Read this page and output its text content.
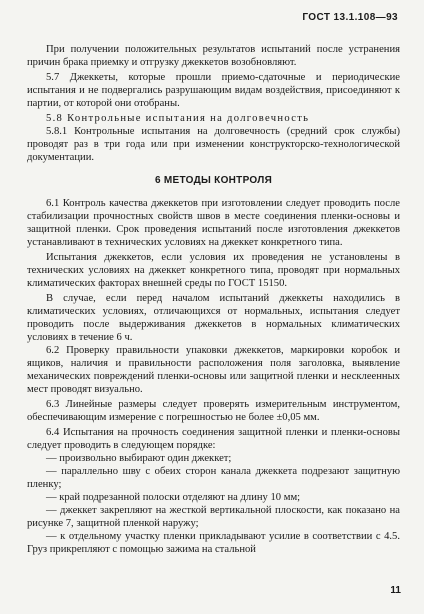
ГОСТ 13.1.108—93

При получении положительных результатов испытаний после устранения причин брака приемку и отгрузку джеккетов возобновляют.

5.7 Джеккеты, которые прошли приемо-сдаточные и периодические испытания и не подвергались разрушающим видам воздействия, присоединяют к партии, от которой они отобраны.

5.8 Контрольные испытания на долговечность

5.8.1 Контрольные испытания на долговечность (средний срок службы) проводят раз в три года или при изменении конструкторско-технологической документации.

6 МЕТОДЫ КОНТРОЛЯ

6.1 Контроль качества джеккетов при изготовлении следует проводить после стабилизации прочностных свойств швов в месте соединения пленки-основы и защитной пленки. Срок проведения испытаний после изготовления джеккетов устанавливают в технических условиях на джеккет конкретного типа.

Испытания джеккетов, если условия их проведения не установлены в технических условиях на джеккет конкретного типа, проводят при нормальных климатических факторах внешней среды по ГОСТ 15150.

В случае, если перед началом испытаний джеккеты находились в климатических условиях, отличающихся от нормальных, испытания следует проводить после выдерживания джеккетов в нормальных климатических условиях в течение 6 ч.

6.2 Проверку правильности упаковки джеккетов, маркировки коробок и ящиков, наличия и правильности расположения поля заголовка, выявление механических повреждений пленки-основы или защитной пленки и несклеенных мест проводят визуально.

6.3 Линейные размеры следует проверять измерительным инструментом, обеспечивающим измерение с погрешностью не более ±0,05 мм.

6.4 Испытания на прочность соединения защитной пленки и пленки-основы следует проводить в следующем порядке:

— произвольно выбирают один джеккет;

— параллельно шву с обеих сторон канала джеккета подрезают защитную пленку;

— край подрезанной полоски отделяют на длину 10 мм;

— джеккет закрепляют на жесткой вертикальной плоскости, как показано на рисунке 7, защитной пленкой наружу;

— к отдельному участку пленки прикладывают усилие в соответствии с 4.5. Груз прикрепляют с помощью зажима на стальной

11
